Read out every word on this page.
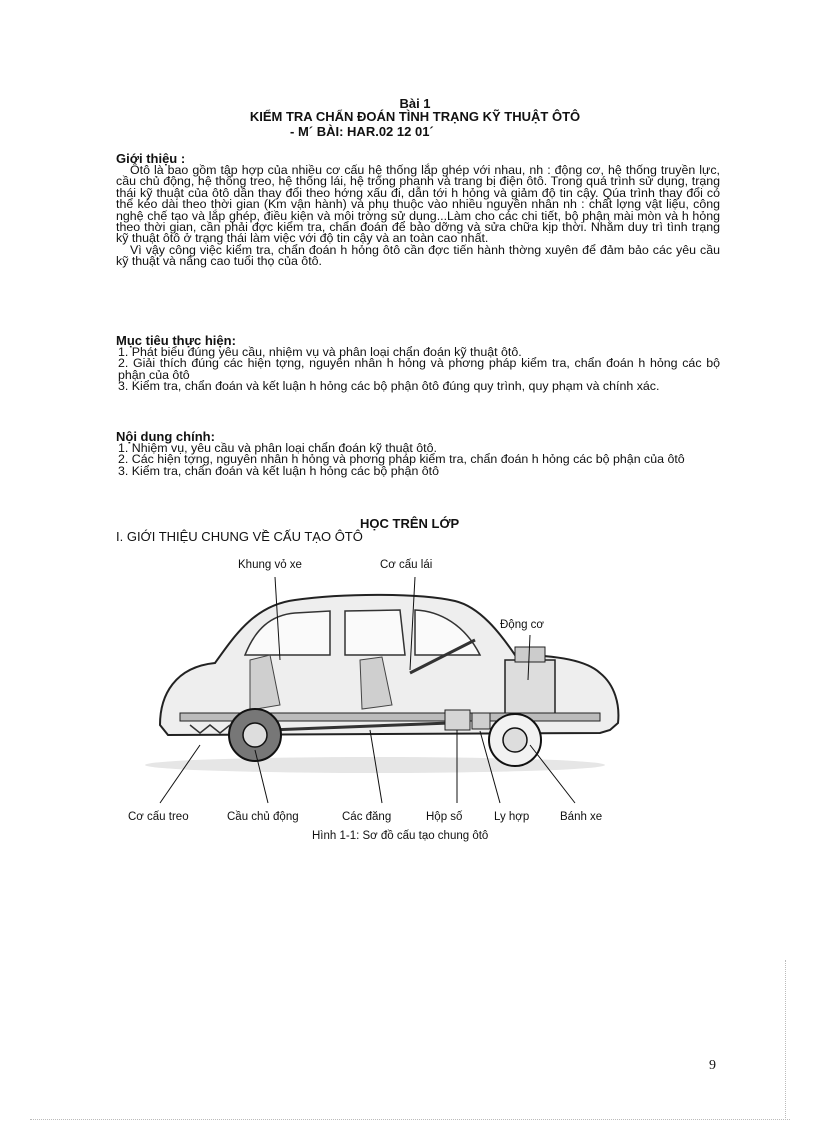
Bài 1
KIỂM TRA CHẨN ĐOÁN TÌNH TRẠNG KỸ THUẬT ÔTÔ
- M´ BÀI: HAR.02 12 01´
Giới thiệu :

Ôtô là bao gồm tập hợp của nhiều cơ cấu hệ thống lắp ghép với nhau, nh : động cơ, hệ thống truyền lực, cầu chủ động, hệ thống treo, hệ thống lái, hệ trống phanh và trang bị điện ôtô. Trong quá trình sử dụng, trạng thái kỹ thuật của ôtô dần thay đổi theo hớng xấu đi, dẫn tới h hỏng và giảm độ tin cậy. Qúa trình thay đổi có thể kéo dài theo thời gian (Km vận hành) và phụ thuộc vào nhiều nguyên nhân nh : chất lợng vật liệu, công nghệ chế tạo và lắp ghép, điều kiện và môi trờng sử dụng...Làm cho các chi tiết, bộ phận mài mòn và h hỏng theo thời gian, cần phải đợc kiểm tra, chẩn đoán để bảo dỡng và sửa chữa kịp thời. Nhằm duy trì tình trạng kỹ thuật ôtô ở trạng thái làm việc với độ tin cậy và an toàn cao nhất.

Vì vậy công việc kiểm tra, chẩn đoán h hỏng ôtô cần đợc tiến hành thờng xuyên để đảm bảo các yêu cầu kỹ thuật và nâng cao tuổi thọ của ôtô.

Mục tiêu thực hiện:

1. Phát biểu đúng yêu cầu, nhiệm vụ và phân loại chẩn đoán kỹ thuật ôtô.

2. Giải thích đúng các hiện tợng, nguyên nhân h hỏng và phơng pháp kiểm tra, chẩn đoán h hỏng các bộ phận của ôtô

3. Kiểm tra, chẩn đoán và kết luận h hỏng các bộ phận ôtô đúng quy trình, quy phạm và chính xác.

Nội dung chính:

1. Nhiệm vụ, yêu cầu và phân loại chẩn đoán kỹ thuật ôtô.

2. Các hiện tợng, nguyên nhân h hỏng và phơng pháp kiểm tra, chẩn đoán h hỏng các bộ phận của ôtô

3. Kiểm tra, chẩn đoán và kết luận h hỏng các bộ phận ôtô

HỌC TRÊN LỚP
I. GIỚI THIỆU CHUNG VỀ CẤU TẠO ÔTÔ
Khung vỏ xe	Cơ cấu lái
Động cơ
Cơ cấu treo	Cầu chủ động	Các đăng	Hộp số	Ly hợp	Bánh xe
Hình 1-1: Sơ đồ cấu tạo chung ôtô
9
